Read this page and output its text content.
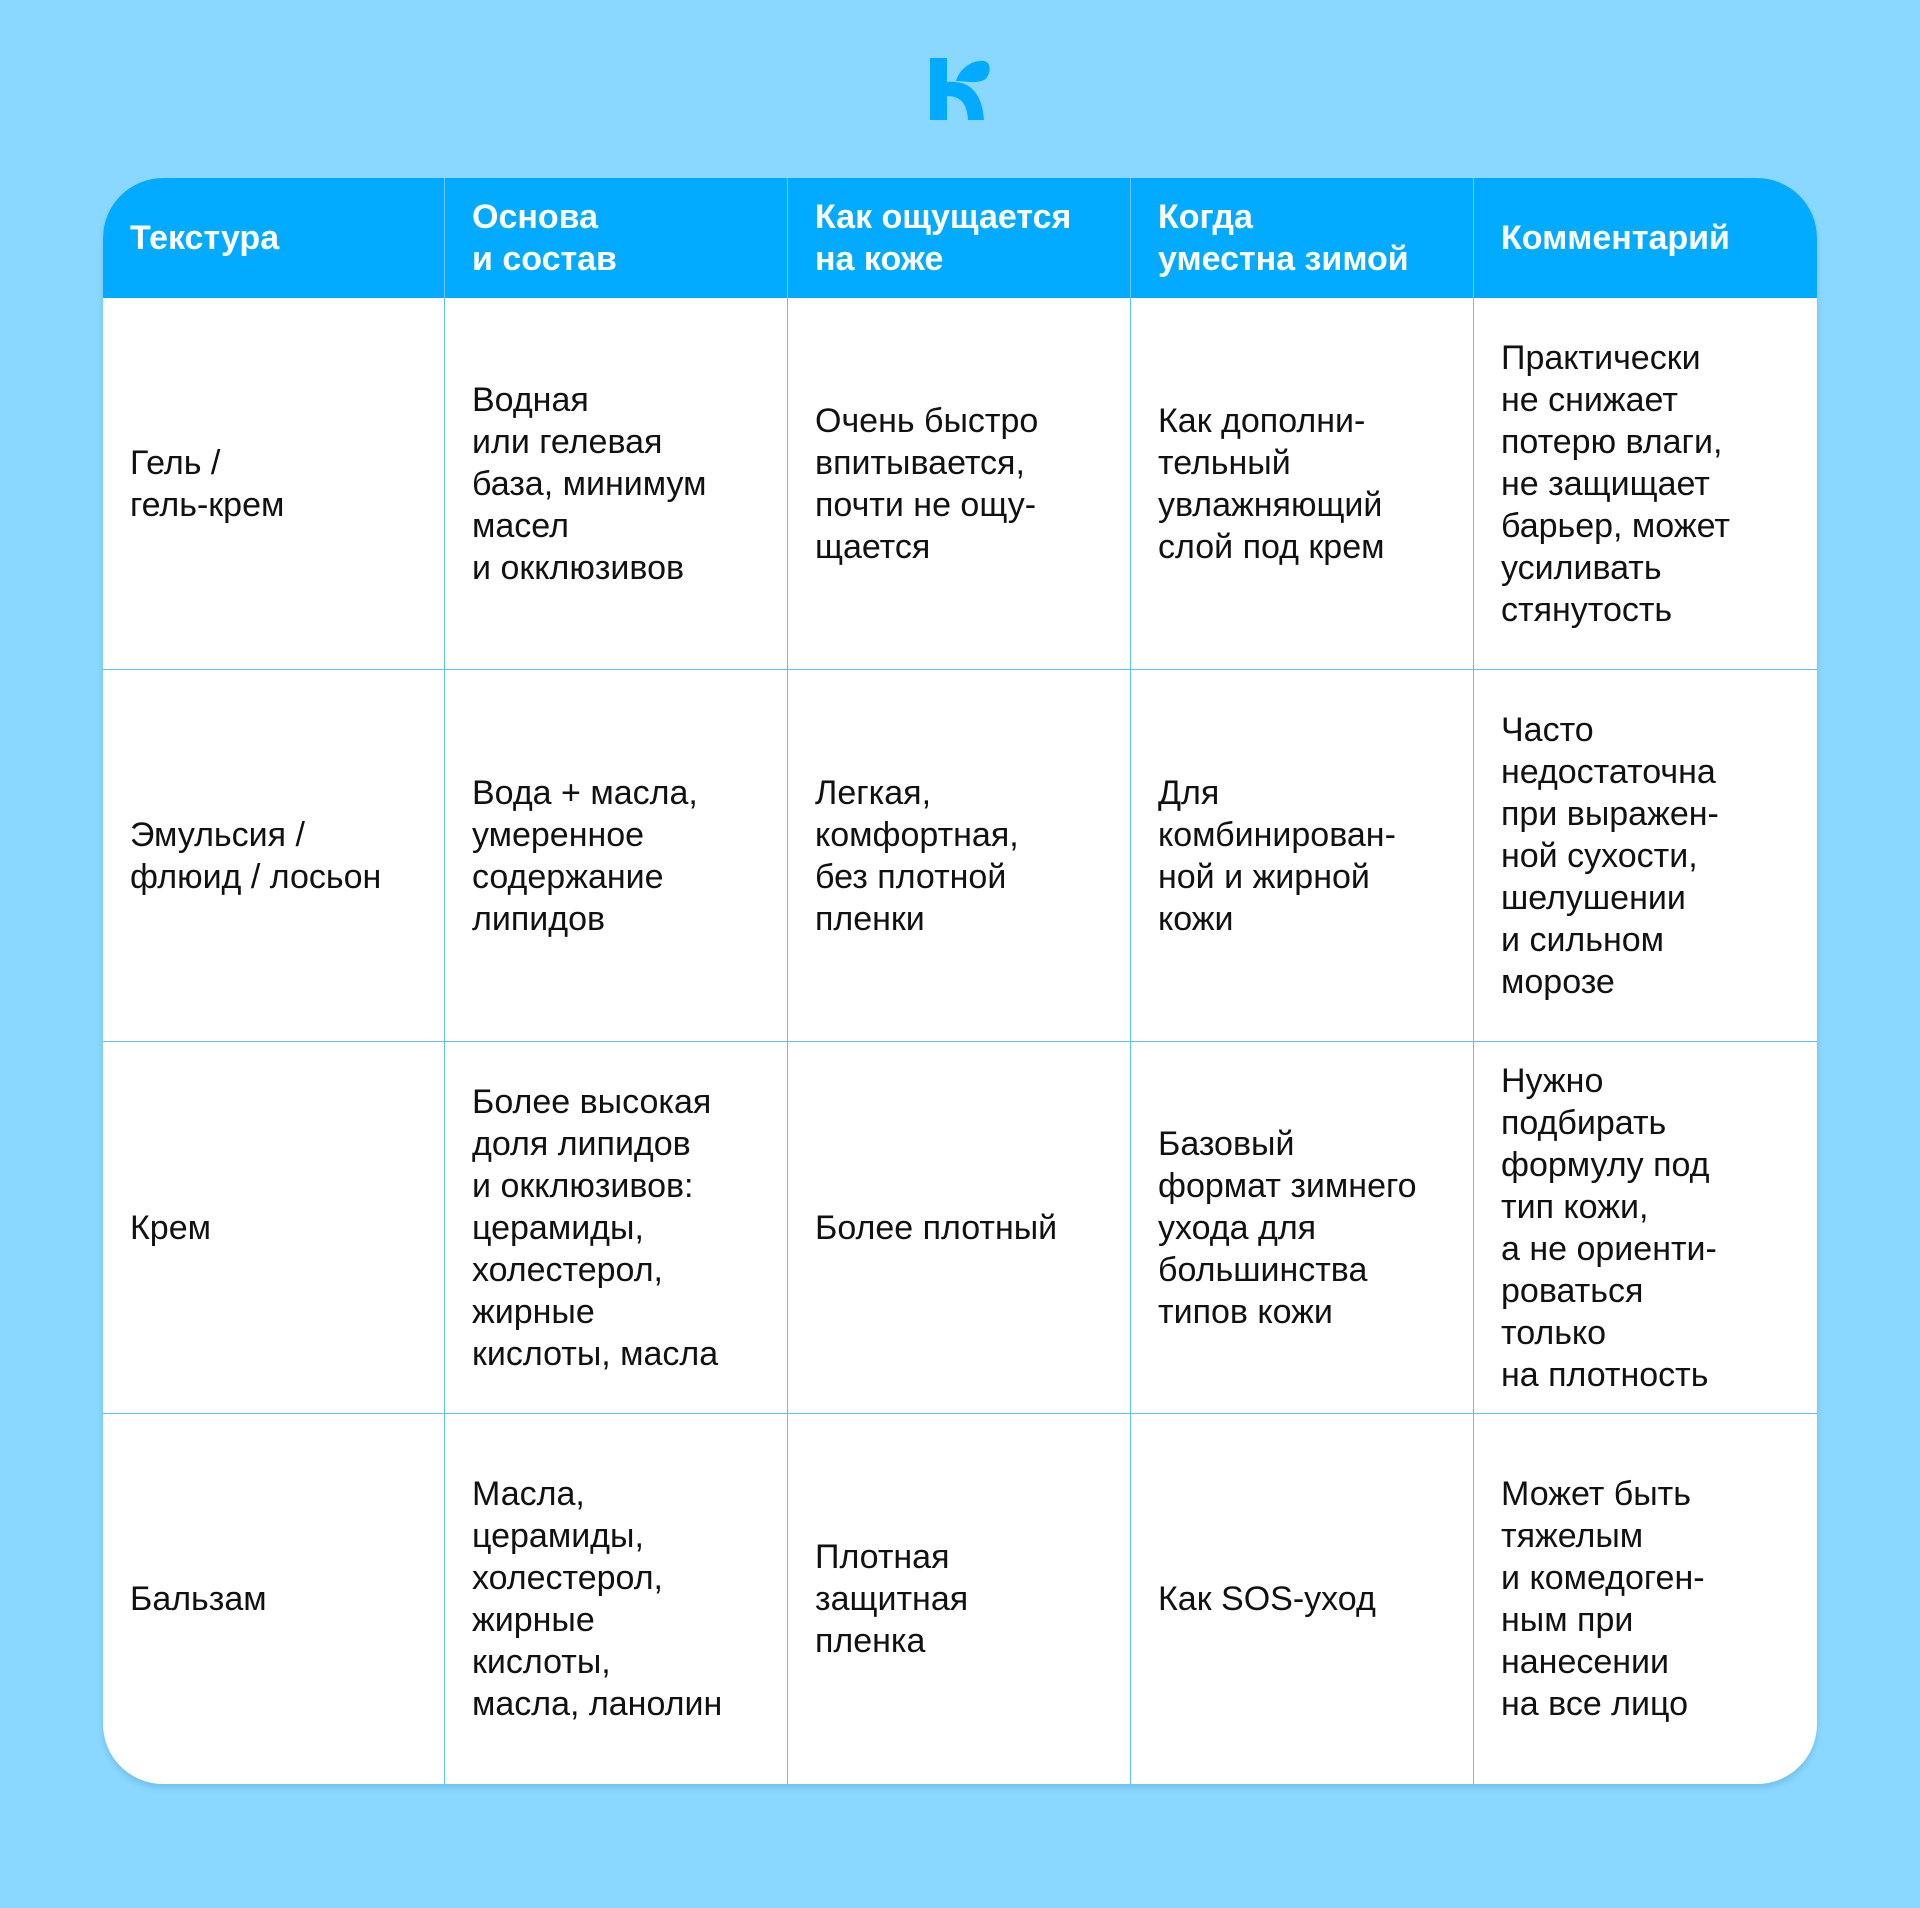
Текстура
Основа
и состав
Как ощущается
на коже
Когда
уместна зимой
Комментарий
Гель /
гель-крем
Водная
или гелевая
база, минимум
масел
и окклюзивов
Очень быстро
впитывается,
почти не ощу-
щается
Как дополни-
тельный
увлажняющий
слой под крем
Практически
не снижает
потерю влаги,
не защищает
барьер, может
усиливать
стянутость
Эмульсия /
флюид / лосьон
Вода + масла,
умеренное
содержание
липидов
Легкая,
комфортная,
без плотной
пленки
Для
комбинирован-
ной и жирной
кожи
Часто
недостаточна
при выражен-
ной сухости,
шелушении
и сильном
морозе
Крем
Более высокая
доля липидов
и окклюзивов:
церамиды,
холестерол,
жирные
кислоты, масла
Более плотный
Базовый
формат зимнего
ухода для
большинства
типов кожи
Нужно
подбирать
формулу под
тип кожи,
а не ориенти-
роваться
только
на плотность
Бальзам
Масла,
церамиды,
холестерол,
жирные
кислоты,
масла, ланолин
Плотная
защитная
пленка
Как SOS-уход
Может быть
тяжелым
и комедоген-
ным при
нанесении
на все лицо
